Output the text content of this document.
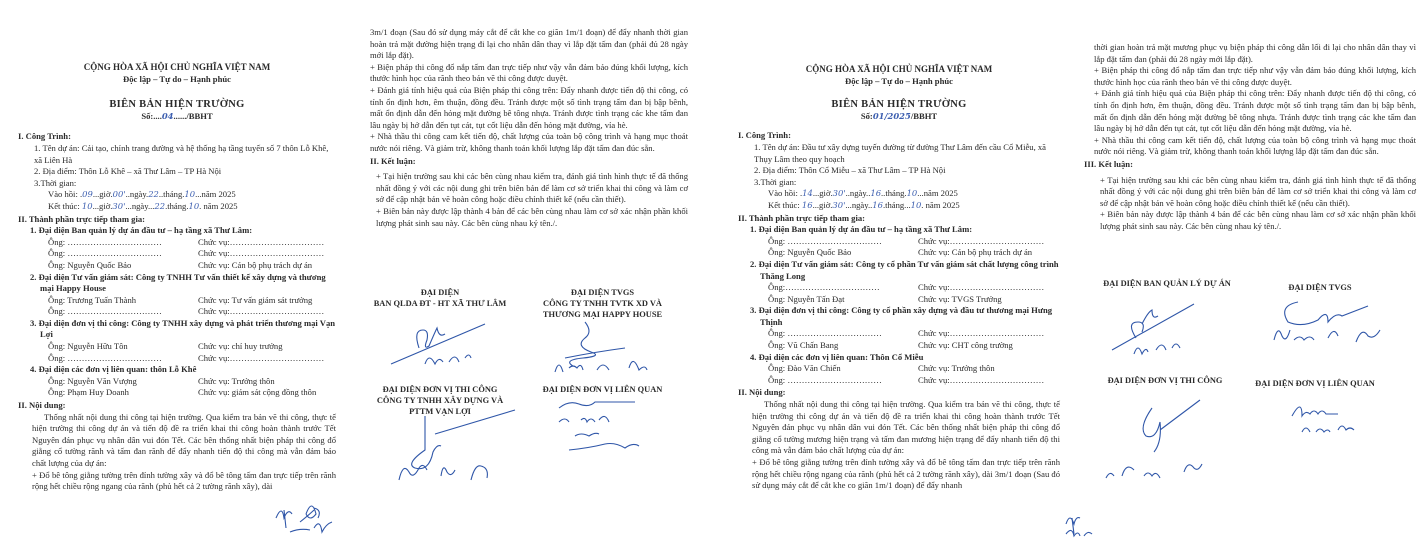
CỘNG HÒA XÃ HỘI CHỦ NGHĨA VIỆT NAM
Độc lập – Tự do – Hạnh phúc
BIÊN BẢN HIỆN TRƯỜNG
Số:....04....../BBHT
I. Công Trình:
1. Tên dự án: Cải tạo, chỉnh trang đường và hệ thống hạ tầng tuyến số 7 thôn Lỗ Khê, xã Liên Hà
2. Địa điểm: Thôn Lỗ Khê – xã Thư Lâm – TP Hà Nội
3.Thời gian:
Vào hồi: .09...giờ.00'..ngày.22..tháng.10...năm 2025
Kết thúc: 10...giờ.30'...ngày...22.tháng.10. năm 2025
II. Thành phần trực tiếp tham gia:
1. Đại diện Ban quản lý dự án đầu tư – hạ tầng xã Thư Lâm:
Ông: ……………………………	Chức vụ:……………………………
Ông: ……………………………	Chức vụ:……………………………
Ông: Nguyễn Quốc Bảo	Chức vụ: Cán bộ phụ trách dự án
2. Đại diện Tư vấn giám sát: Công ty TNHH Tư vấn thiết kế xây dựng và thương mại Happy House
Ông: Trương Tuấn Thành	Chức vụ: Tư vấn giám sát trưởng
Ông: ……………………………	Chức vụ:……………………………
3. Đại diện đơn vị thi công: Công ty TNHH xây dựng và phát triển thương mại Vạn Lợi
Ông: Nguyễn Hữu Tôn	Chức vụ: chỉ huy trưởng
Ông: ……………………………	Chức vụ:……………………………
4. Đại diện các đơn vị liên quan: thôn Lỗ Khê
Ông: Nguyễn Văn Vượng	Chức vụ: Trưởng thôn
Ông: Phạm Huy Doanh	Chức vụ: giám sát cộng đồng thôn
II. Nội dung:
Thống nhất nội dung thi công tại hiện trường. Qua kiểm tra bản vẽ thi công, thực tế hiện trường thi công dự án và tiến độ đề ra triển khai thi công hoàn thành trước Tết Nguyên đán phục vụ nhân dân vui đón Tết. Các bên thống nhất biện pháp thi công đổ giằng cổ tường rãnh và tấm đan rãnh để đẩy nhanh tiến độ thi công mà vẫn đảm bảo chất lượng của dự án:
+ Đổ bê tông giằng tường trên đỉnh tường xây và đổ bê tông tấm đan trực tiếp trên rãnh rộng hết chiều rộng ngang của rãnh (phủ hết cả 2 tường rãnh xây), dài
3m/1 đoạn (Sau đó sử dụng máy cắt để cắt khe co giãn 1m/1 đoạn) để đẩy nhanh thời gian hoàn trả mặt đường hiện trạng đi lại cho nhân dân thay vì lắp đặt tấm đan (phải đủ 28 ngày mới lắp đặt).
+ Biện pháp thi công đổ nắp tấm đan trực tiếp như vậy vẫn đảm bảo đúng khối lượng, kích thước hình học của rãnh theo bản vẽ thi công được duyệt.
+ Đánh giá tính hiệu quả của Biện pháp thi công trên: Đẩy nhanh được tiến độ thi công, có tính ổn định hơn, êm thuận, đồng đều. Tránh được một số tình trạng tấm đan bị bập bênh, mất ổn định dẫn đến hỏng mặt đường bê tông nhựa. Tránh được tình trạng các khe tấm đan lâu ngày bị hở dẫn đến tụt cát, tụt cốt liệu dẫn đến hỏng mặt đường, vỉa hè.
+ Nhà thầu thi công cam kết tiến độ, chất lượng của toàn bộ công trình và hạng mục thoát nước nói riêng. Và giảm trừ, không thanh toán khối lượng lắp đặt tấm đan đúc sẵn.
II. Kết luận:
+ Tại hiện trường sau khi các bên cùng nhau kiểm tra, đánh giá tình hình thực tế đã thống nhất đồng ý với các nội dung ghi trên biên bản để làm cơ sở triển khai thi công và làm cơ sở để cập nhật bản vẽ hoàn công hoặc điều chỉnh thiết kế (nếu cần thiết).
+ Biên bản này được lập thành 4 bản để các bên cùng nhau làm cơ sở xác nhận phần khối lượng phát sinh sau này. Các bên cùng nhau ký tên./.
ĐẠI DIỆN
BAN QLDA ĐT - HT XÃ THƯ LÂM
ĐẠI DIỆN TVGS
CÔNG TY TNHH TVTK XD VÀ
THƯƠNG MẠI HAPPY HOUSE
ĐẠI DIỆN ĐƠN VỊ THI CÔNG
CÔNG TY TNHH XÂY DỰNG VÀ
PTTM VẠN LỢI
ĐẠI DIỆN ĐƠN VỊ LIÊN QUAN
CỘNG HÒA XÃ HỘI CHỦ NGHĨA VIỆT NAM
Độc lập – Tự do – Hạnh phúc
BIÊN BẢN HIỆN TRƯỜNG
Số:01/2025/BBHT
I. Công Trình:
1. Tên dự án: Đầu tư xây dựng tuyến đường từ đường Thư Lâm đến cầu Cổ Miễu, xã Thụy Lâm theo quy hoạch
2. Địa điểm: Thôn Cổ Miễu – xã Thư Lâm – TP Hà Nội
3.Thời gian:
Vào hồi: .14...giờ.30'..ngày..16..tháng.10...năm 2025
Kết thúc: 16...giờ.30'...ngày..16.tháng...10. năm 2025
II. Thành phần trực tiếp tham gia:
1. Đại diện Ban quản lý dự án đầu tư – hạ tầng xã Thư Lâm:
Ông: ……………………………	Chức vụ:……………………………
Ông: Nguyễn Quốc Bảo	Chức vụ: Cán bộ phụ trách dự án
2. Đại diện Tư vấn giám sát: Công ty cổ phần Tư vấn giám sát chất lượng công trình Thăng Long
Ông:……………………………	Chức vụ:……………………………
Ông: Nguyễn Tấn Đạt	Chức vụ: TVGS Trưởng
3. Đại diện đơn vị thi công: Công ty cổ phần xây dựng và đầu tư thương mại Hưng Thịnh
Ông: ……………………………	Chức vụ:……………………………
Ông: Vũ Chấn Bang	Chức vụ: CHT công trường
4. Đại diện các đơn vị liên quan: Thôn Cổ Miễu
Ông: Đào Văn Chiến	Chức vụ: Trưởng thôn
Ông: ……………………………	Chức vụ:……………………………
II. Nội dung:
Thống nhất nội dung thi công tại hiện trường. Qua kiểm tra bản vẽ thi công, thực tế hiện trường thi công dự án và tiến độ đề ra triển khai thi công hoàn thành trước Tết Nguyên đán phục vụ nhân dân vui đón Tết. Các bên thống nhất biện pháp thi công đổ giằng cổ tường mương hiện trạng và tấm đan mương hiện trạng để đẩy nhanh tiến độ thi công mà vẫn đảm bảo chất lượng của dự án:
+ Đổ bê tông giằng tường trên đỉnh tường xây và đổ bê tông tấm đan trực tiếp trên rãnh rộng hết chiều rộng ngang của rãnh (phủ hết cả 2 tường rãnh xây), dài 3m/1 đoạn (Sau đó sử dụng máy cắt để cắt khe co giãn 1m/1 đoạn) để đẩy nhanh
thời gian hoàn trả mặt mương phục vụ biện pháp thi công dẫn lối đi lại cho nhân dân thay vì lắp đặt tấm đan (phải đủ 28 ngày mới lắp đặt).
+ Biện pháp thi công đổ nắp tấm đan trực tiếp như vậy vẫn đảm bảo đúng khối lượng, kích thước hình học của rãnh theo bản vẽ thi công được duyệt.
+ Đánh giá tính hiệu quả của Biện pháp thi công trên: Đẩy nhanh được tiến độ thi công, có tính ổn định hơn, êm thuận, đồng đều. Tránh được một số tình trạng tấm đan bị bập bênh, mất ổn định dẫn đến hỏng mặt đường bê tông nhựa. Tránh được tình trạng các khe tấm đan lâu ngày bị hở dẫn đến tụt cát, tụt cốt liệu dẫn đến hỏng mặt đường, vỉa hè.
+ Nhà thầu thi công cam kết tiến độ, chất lượng của toàn bộ công trình và hạng mục thoát nước nói riêng. Và giảm trừ, không thanh toán khối lượng lắp đặt tấm đan đúc sẵn.
III. Kết luận:
+ Tại hiện trường sau khi các bên cùng nhau kiểm tra, đánh giá tình hình thực tế đã thống nhất đồng ý với các nội dung ghi trên biên bản để làm cơ sở triển khai thi công và làm cơ sở để cập nhật bản vẽ hoàn công hoặc điều chỉnh thiết kế (nếu cần thiết).
+ Biên bản này được lập thành 4 bản để các bên cùng nhau làm cơ sở xác nhận phần khối lượng phát sinh sau này. Các bên cùng nhau ký tên./.
ĐẠI DIỆN BAN QUẢN LÝ DỰ ÁN	ĐẠI DIỆN TVGS
ĐẠI DIỆN ĐƠN VỊ THI CÔNG	ĐẠI DIỆN ĐƠN VỊ LIÊN QUAN
